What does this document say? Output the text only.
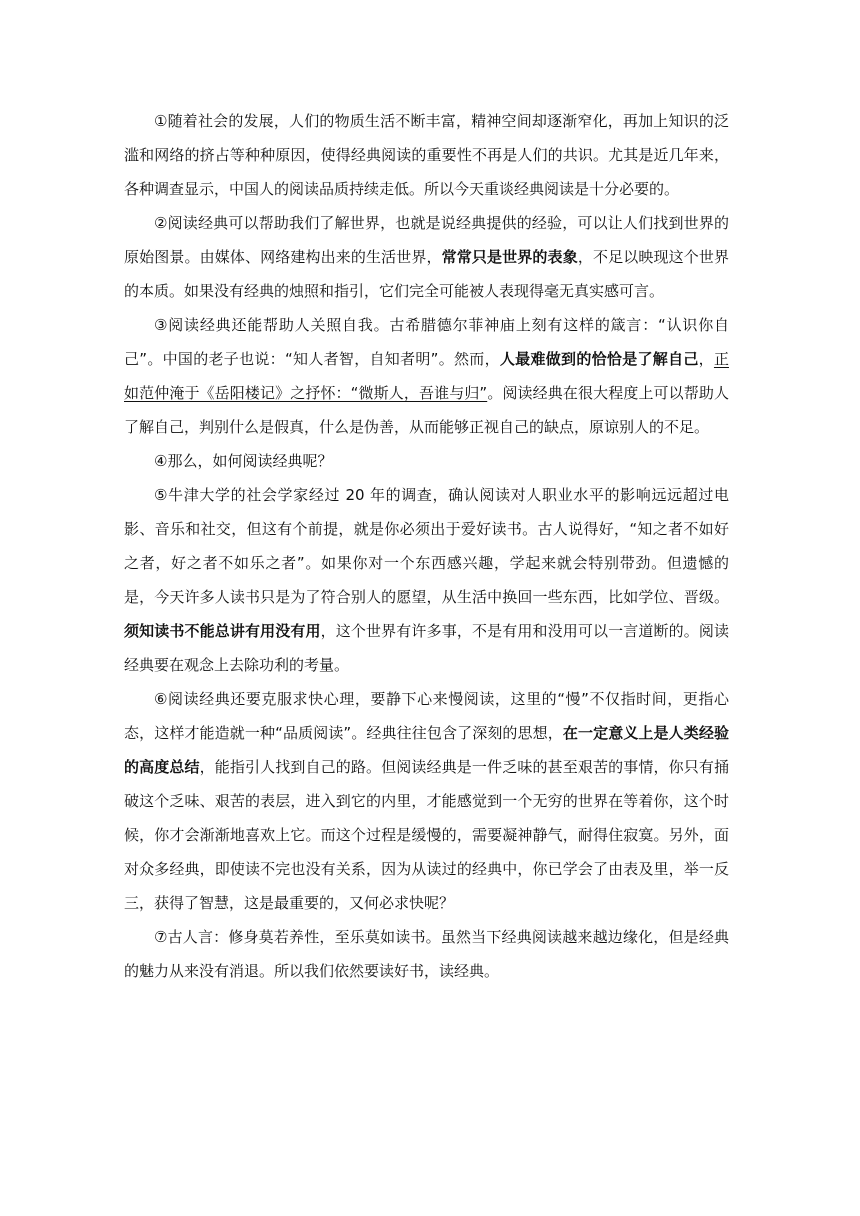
①随着社会的发展，人们的物质生活不断丰富，精神空间却逐渐窄化，再加上知识的泛滥和网络的挤占等种种原因，使得经典阅读的重要性不再是人们的共识。尤其是近几年来，各种调查显示，中国人的阅读品质持续走低。所以今天重谈经典阅读是十分必要的。

②阅读经典可以帮助我们了解世界，也就是说经典提供的经验，可以让人们找到世界的原始图景。由媒体、网络建构出来的生活世界，常常只是世界的表象，不足以映现这个世界的本质。如果没有经典的烛照和指引，它们完全可能被人表现得毫无真实感可言。

③阅读经典还能帮助人关照自我。古希腊德尔菲神庙上刻有这样的箴言：“认识你自己”。中国的老子也说：“知人者智，自知者明”。然而，人最难做到的恰恰是了解自己，正如范仲淹于《岳阳楼记》之抒怀：“微斯人，吾谁与归”。阅读经典在很大程度上可以帮助人了解自己，判别什么是假真，什么是伪善，从而能够正视自己的缺点，原谅别人的不足。

④那么，如何阅读经典呢？

⑤牛津大学的社会学家经过 20 年的调查，确认阅读对人职业水平的影响远远超过电影、音乐和社交，但这有个前提，就是你必须出于爱好读书。古人说得好，“知之者不如好之者，好之者不如乐之者”。如果你对一个东西感兴趣，学起来就会特别带劲。但遗憾的是，今天许多人读书只是为了符合别人的愿望，从生活中换回一些东西，比如学位、晋级。须知读书不能总讲有用没有用，这个世界有许多事，不是有用和没用可以一言道断的。阅读经典要在观念上去除功利的考量。

⑥阅读经典还要克服求快心理，要静下心来慢阅读，这里的“慢”不仅指时间，更指心态，这样才能造就一种“品质阅读”。经典往往包含了深刻的思想，在一定意义上是人类经验的高度总结，能指引人找到自己的路。但阅读经典是一件乏味的甚至艰苦的事情，你只有捅破这个乏味、艰苦的表层，进入到它的内里，才能感觉到一个无穷的世界在等着你，这个时候，你才会渐渐地喜欢上它。而这个过程是缓慢的，需要凝神静气，耐得住寂寞。另外，面对众多经典，即使读不完也没有关系，因为从读过的经典中，你已学会了由表及里，举一反三，获得了智慧，这是最重要的，又何必求快呢？

⑦古人言：修身莫若养性，至乐莫如读书。虽然当下经典阅读越来越边缘化，但是经典的魅力从来没有消退。所以我们依然要读好书，读经典。
